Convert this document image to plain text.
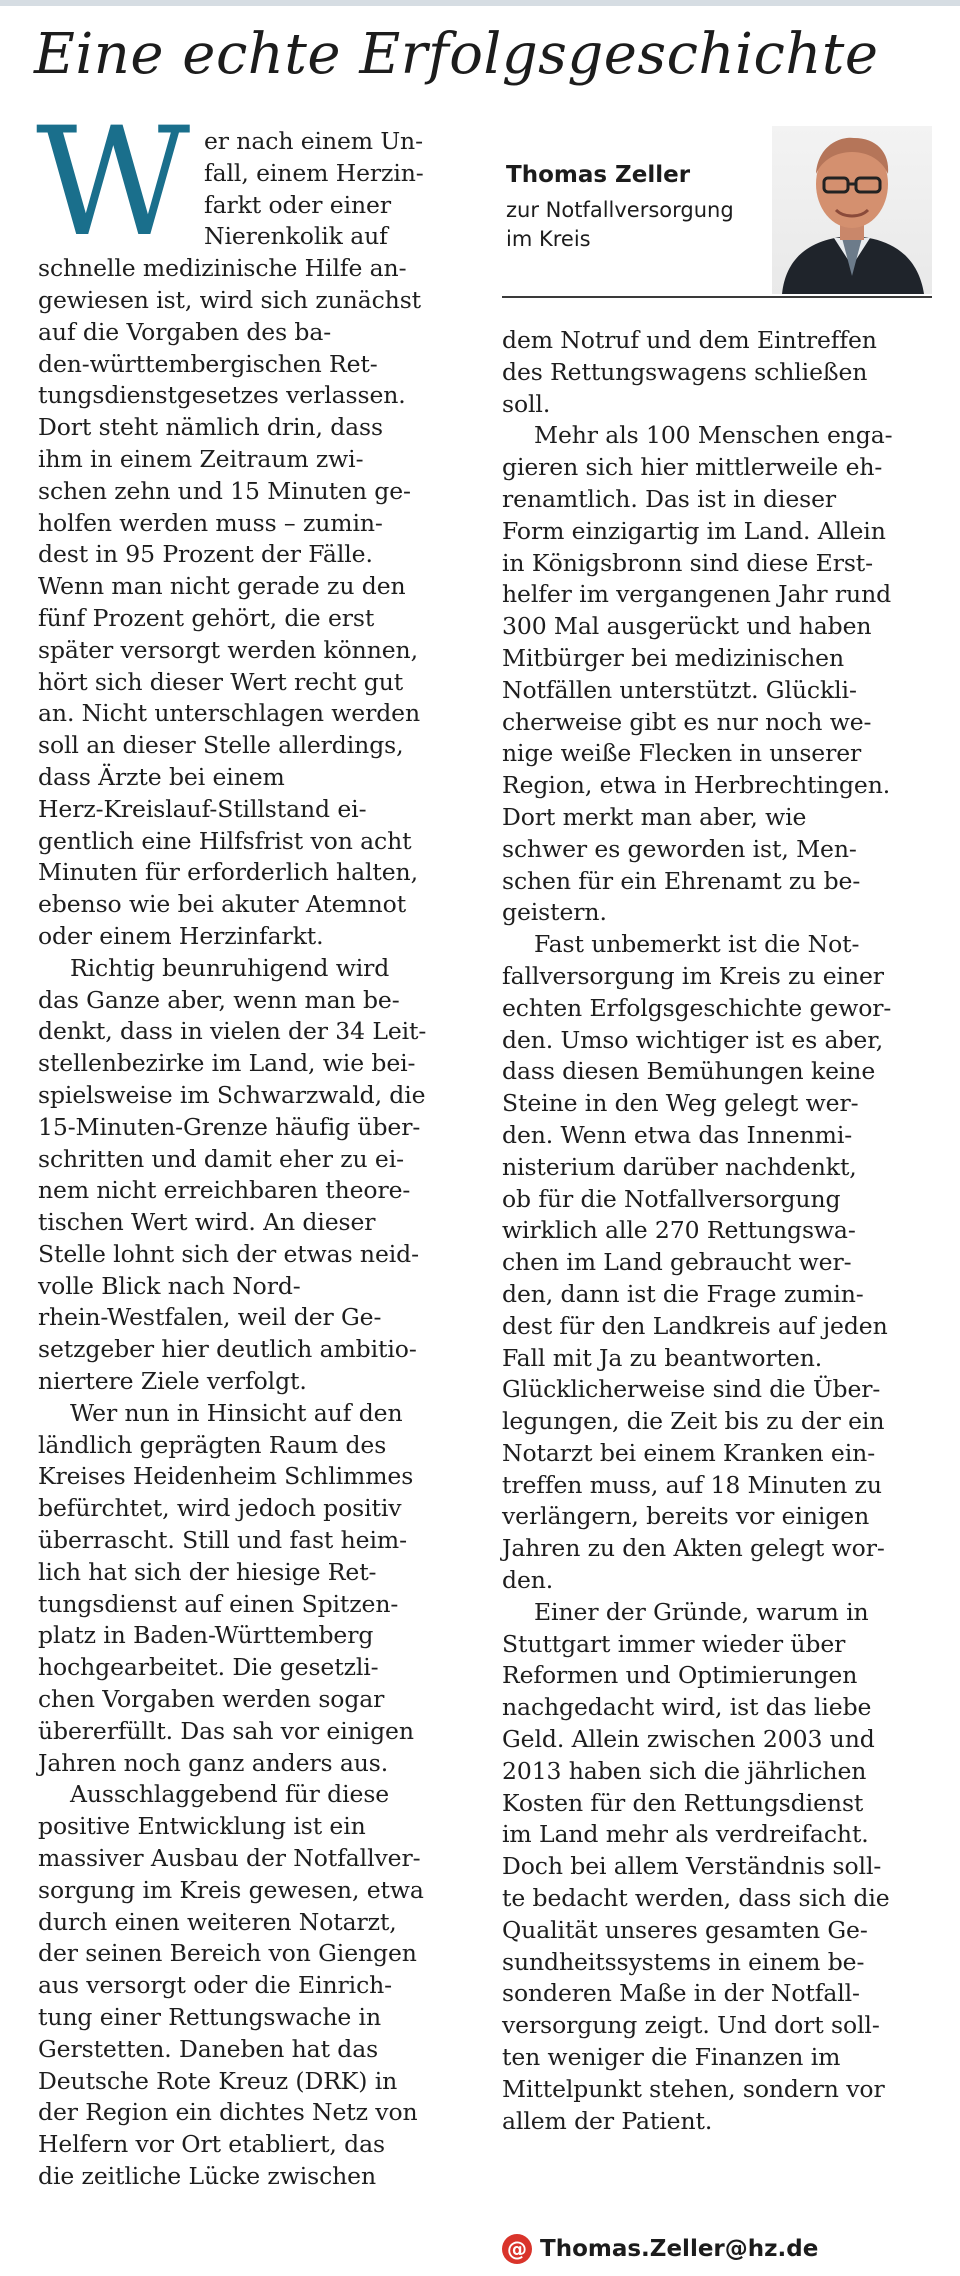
Eine echte Erfolgsgeschichte
W er nach einem Un-
fall, einem Herzin-
farkt oder einer
Nierenkolik auf
schnelle medizinische Hilfe an-
gewiesen ist, wird sich zunächst
auf die Vorgaben des ba-
den-württembergischen Ret-
tungsdienstgesetzes verlassen.
Dort steht nämlich drin, dass
ihm in einem Zeitraum zwi-
schen zehn und 15 Minuten ge-
holfen werden muss – zumin-
dest in 95 Prozent der Fälle.
Wenn man nicht gerade zu den
fünf Prozent gehört, die erst
später versorgt werden können,
hört sich dieser Wert recht gut
an. Nicht unterschlagen werden
soll an dieser Stelle allerdings,
dass Ärzte bei einem
Herz-Kreislauf-Stillstand ei-
gentlich eine Hilfsfrist von acht
Minuten für erforderlich halten,
ebenso wie bei akuter Atemnot
oder einem Herzinfarkt.
Richtig beunruhigend wird
das Ganze aber, wenn man be-
denkt, dass in vielen der 34 Leit-
stellenbezirke im Land, wie bei-
spielsweise im Schwarzwald, die
15-Minuten-Grenze häufig über-
schritten und damit eher zu ei-
nem nicht erreichbaren theore-
tischen Wert wird. An dieser
Stelle lohnt sich der etwas neid-
volle Blick nach Nord-
rhein-Westfalen, weil der Ge-
setzgeber hier deutlich ambitio-
niertere Ziele verfolgt.
Wer nun in Hinsicht auf den
ländlich geprägten Raum des
Kreises Heidenheim Schlimmes
befürchtet, wird jedoch positiv
überrascht. Still und fast heim-
lich hat sich der hiesige Ret-
tungsdienst auf einen Spitzen-
platz in Baden-Württemberg
hochgearbeitet. Die gesetzli-
chen Vorgaben werden sogar
übererfüllt. Das sah vor einigen
Jahren noch ganz anders aus.
Ausschlaggebend für diese
positive Entwicklung ist ein
massiver Ausbau der Notfallver-
sorgung im Kreis gewesen, etwa
durch einen weiteren Notarzt,
der seinen Bereich von Giengen
aus versorgt oder die Einrich-
tung einer Rettungswache in
Gerstetten. Daneben hat das
Deutsche Rote Kreuz (DRK) in
der Region ein dichtes Netz von
Helfern vor Ort etabliert, das
die zeitliche Lücke zwischen
Thomas Zeller
zur Notfallversorgung
im Kreis
dem Notruf und dem Eintreffen
des Rettungswagens schließen
soll.
Mehr als 100 Menschen enga-
gieren sich hier mittlerweile eh-
renamtlich. Das ist in dieser
Form einzigartig im Land. Allein
in Königsbronn sind diese Erst-
helfer im vergangenen Jahr rund
300 Mal ausgerückt und haben
Mitbürger bei medizinischen
Notfällen unterstützt. Glückli-
cherweise gibt es nur noch we-
nige weiße Flecken in unserer
Region, etwa in Herbrechtingen.
Dort merkt man aber, wie
schwer es geworden ist, Men-
schen für ein Ehrenamt zu be-
geistern.
Fast unbemerkt ist die Not-
fallversorgung im Kreis zu einer
echten Erfolgsgeschichte gewor-
den. Umso wichtiger ist es aber,
dass diesen Bemühungen keine
Steine in den Weg gelegt wer-
den. Wenn etwa das Innenmi-
nisterium darüber nachdenkt,
ob für die Notfallversorgung
wirklich alle 270 Rettungswa-
chen im Land gebraucht wer-
den, dann ist die Frage zumin-
dest für den Landkreis auf jeden
Fall mit Ja zu beantworten.
Glücklicherweise sind die Über-
legungen, die Zeit bis zu der ein
Notarzt bei einem Kranken ein-
treffen muss, auf 18 Minuten zu
verlängern, bereits vor einigen
Jahren zu den Akten gelegt wor-
den.
Einer der Gründe, warum in
Stuttgart immer wieder über
Reformen und Optimierungen
nachgedacht wird, ist das liebe
Geld. Allein zwischen 2003 und
2013 haben sich die jährlichen
Kosten für den Rettungsdienst
im Land mehr als verdreifacht.
Doch bei allem Verständnis soll-
te bedacht werden, dass sich die
Qualität unseres gesamten Ge-
sundheitssystems in einem be-
sonderen Maße in der Notfall-
versorgung zeigt. Und dort soll-
ten weniger die Finanzen im
Mittelpunkt stehen, sondern vor
allem der Patient.
@ Thomas.Zeller@hz.de
